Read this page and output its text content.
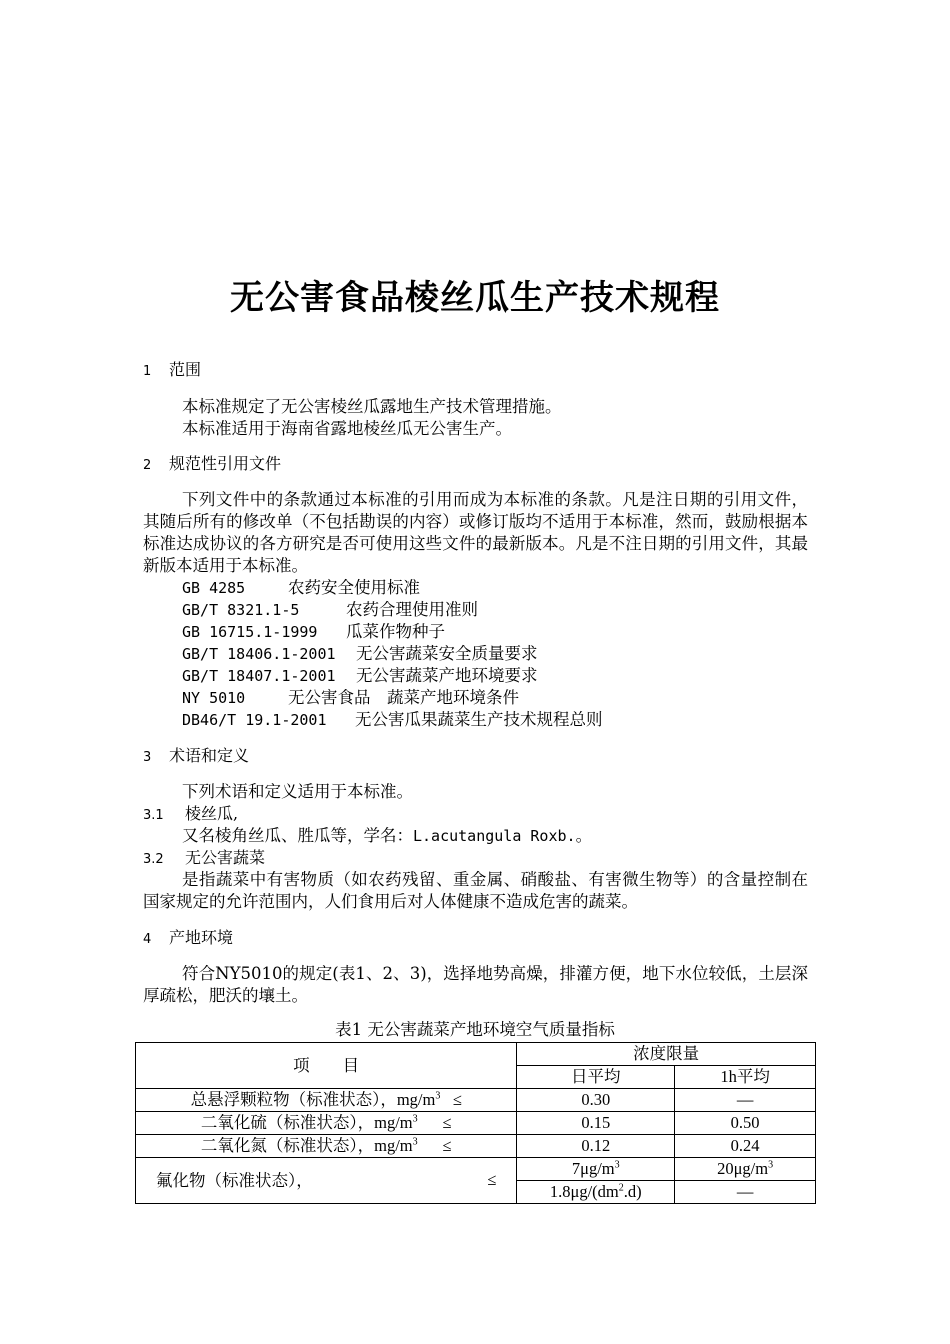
无公害食品棱丝瓜生产技术规程
1 范围
本标准规定了无公害棱丝瓜露地生产技术管理措施。
本标准适用于海南省露地棱丝瓜无公害生产。
2 规范性引用文件
下列文件中的条款通过本标准的引用而成为本标准的条款。凡是注日期的引用文件，其随后所有的修改单（不包括勘误的内容）或修订版均不适用于本标准，然而，鼓励根据本标准达成协议的各方研究是否可使用这些文件的最新版本。凡是不注日期的引用文件，其最新版本适用于本标准。
GB 4285	农药安全使用标准
GB/T 8321.1-5	农药合理使用准则
GB 16715.1-1999 瓜菜作物种子
GB/T 18406.1-2001 无公害蔬菜安全质量要求
GB/T 18407.1-2001 无公害蔬菜产地环境要求
NY 5010	无公害食品　蔬菜产地环境条件
DB46/T 19.1-2001 无公害瓜果蔬菜生产技术规程总则
3 术语和定义
下列术语和定义适用于本标准。
3.1 棱丝瓜,
又名棱角丝瓜、胜瓜等，学名：L.acutangula Roxb.。
3.2 无公害蔬菜
是指蔬菜中有害物质（如农药残留、重金属、硝酸盐、有害微生物等）的含量控制在国家规定的允许范围内，人们食用后对人体健康不造成危害的蔬菜。
4 产地环境
符合NY5010的规定(表1、2、3)，选择地势高燥，排灌方便，地下水位较低，土层深厚疏松，肥沃的壤土。
表1 无公害蔬菜产地环境空气质量指标
项　　目	浓度限量	
	日平均	1h平均
总悬浮颗粒物（标准状态），$mg/m^3$ ≤	0.30	—
二氧化硫（标准状态），$mg/m^3$ ≤	0.15	0.50
二氧化氮（标准状态），$mg/m^3$ ≤	0.12	0.24
氟化物（标准状态）， ≤	$7\mu g/m^3$	$20\mu g/m^3$
	$1.8\mu g/(dm^2.d)$	—
